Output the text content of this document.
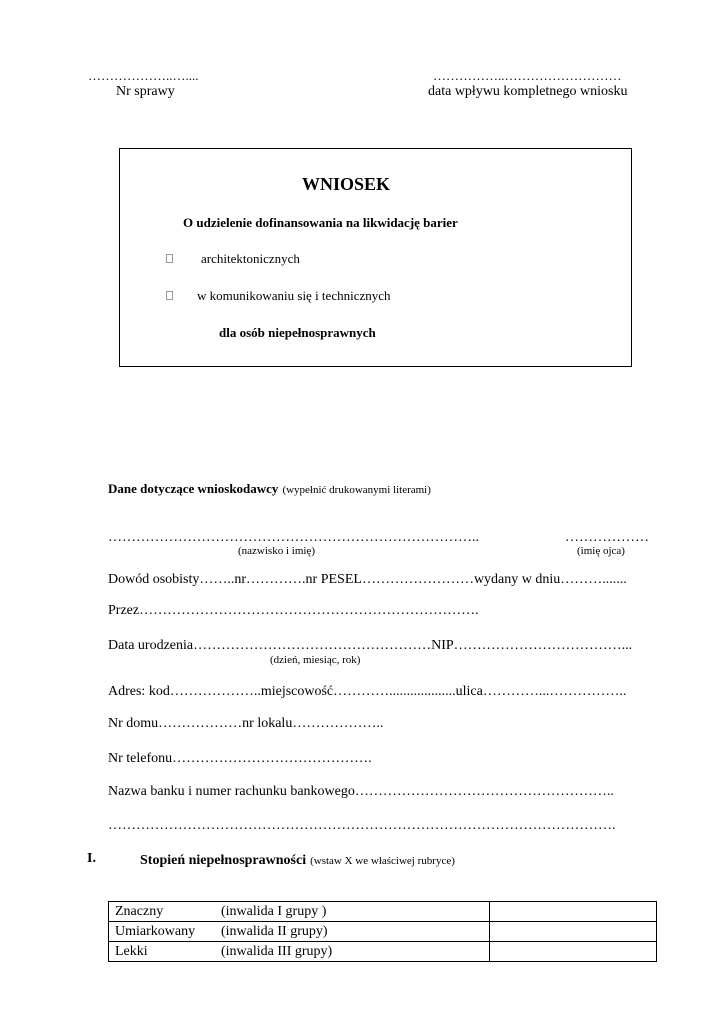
………………..…....
Nr sprawy
……………..………………………
data wpływu kompletnego wniosku
WNIOSEK
O udzielenie dofinansowania na likwidację barier
architektonicznych
w komunikowaniu się i technicznych
dla osób niepełnosprawnych
Dane dotyczące wnioskodawcy (wypełnić drukowanymi literami)
……………………………………………………………………..	………………
(nazwisko i imię)	(imię ojca)
Dowód osobisty……..nr………….nr PESEL……………………wydany w dniu……….......
Przez……………………………………………………………….
Data urodzenia……………………………………………NIP………………………………...
(dzień, miesiąc, rok)
Adres: kod………………..miejscowość…………...................ulica…………...……………..
Nr domu………………nr lokalu………………..
Nr telefonu…………………………………….
Nazwa banku i numer rachunku bankowego………………………………………………..
……………………………………………………………………………………………….
I.	Stopień niepełnosprawności (wstaw X we właściwej rubryce)
Znaczny	(inwalida I grupy )	
Umiarkowany	(inwalida II grupy)	
Lekki	(inwalida III grupy)	
